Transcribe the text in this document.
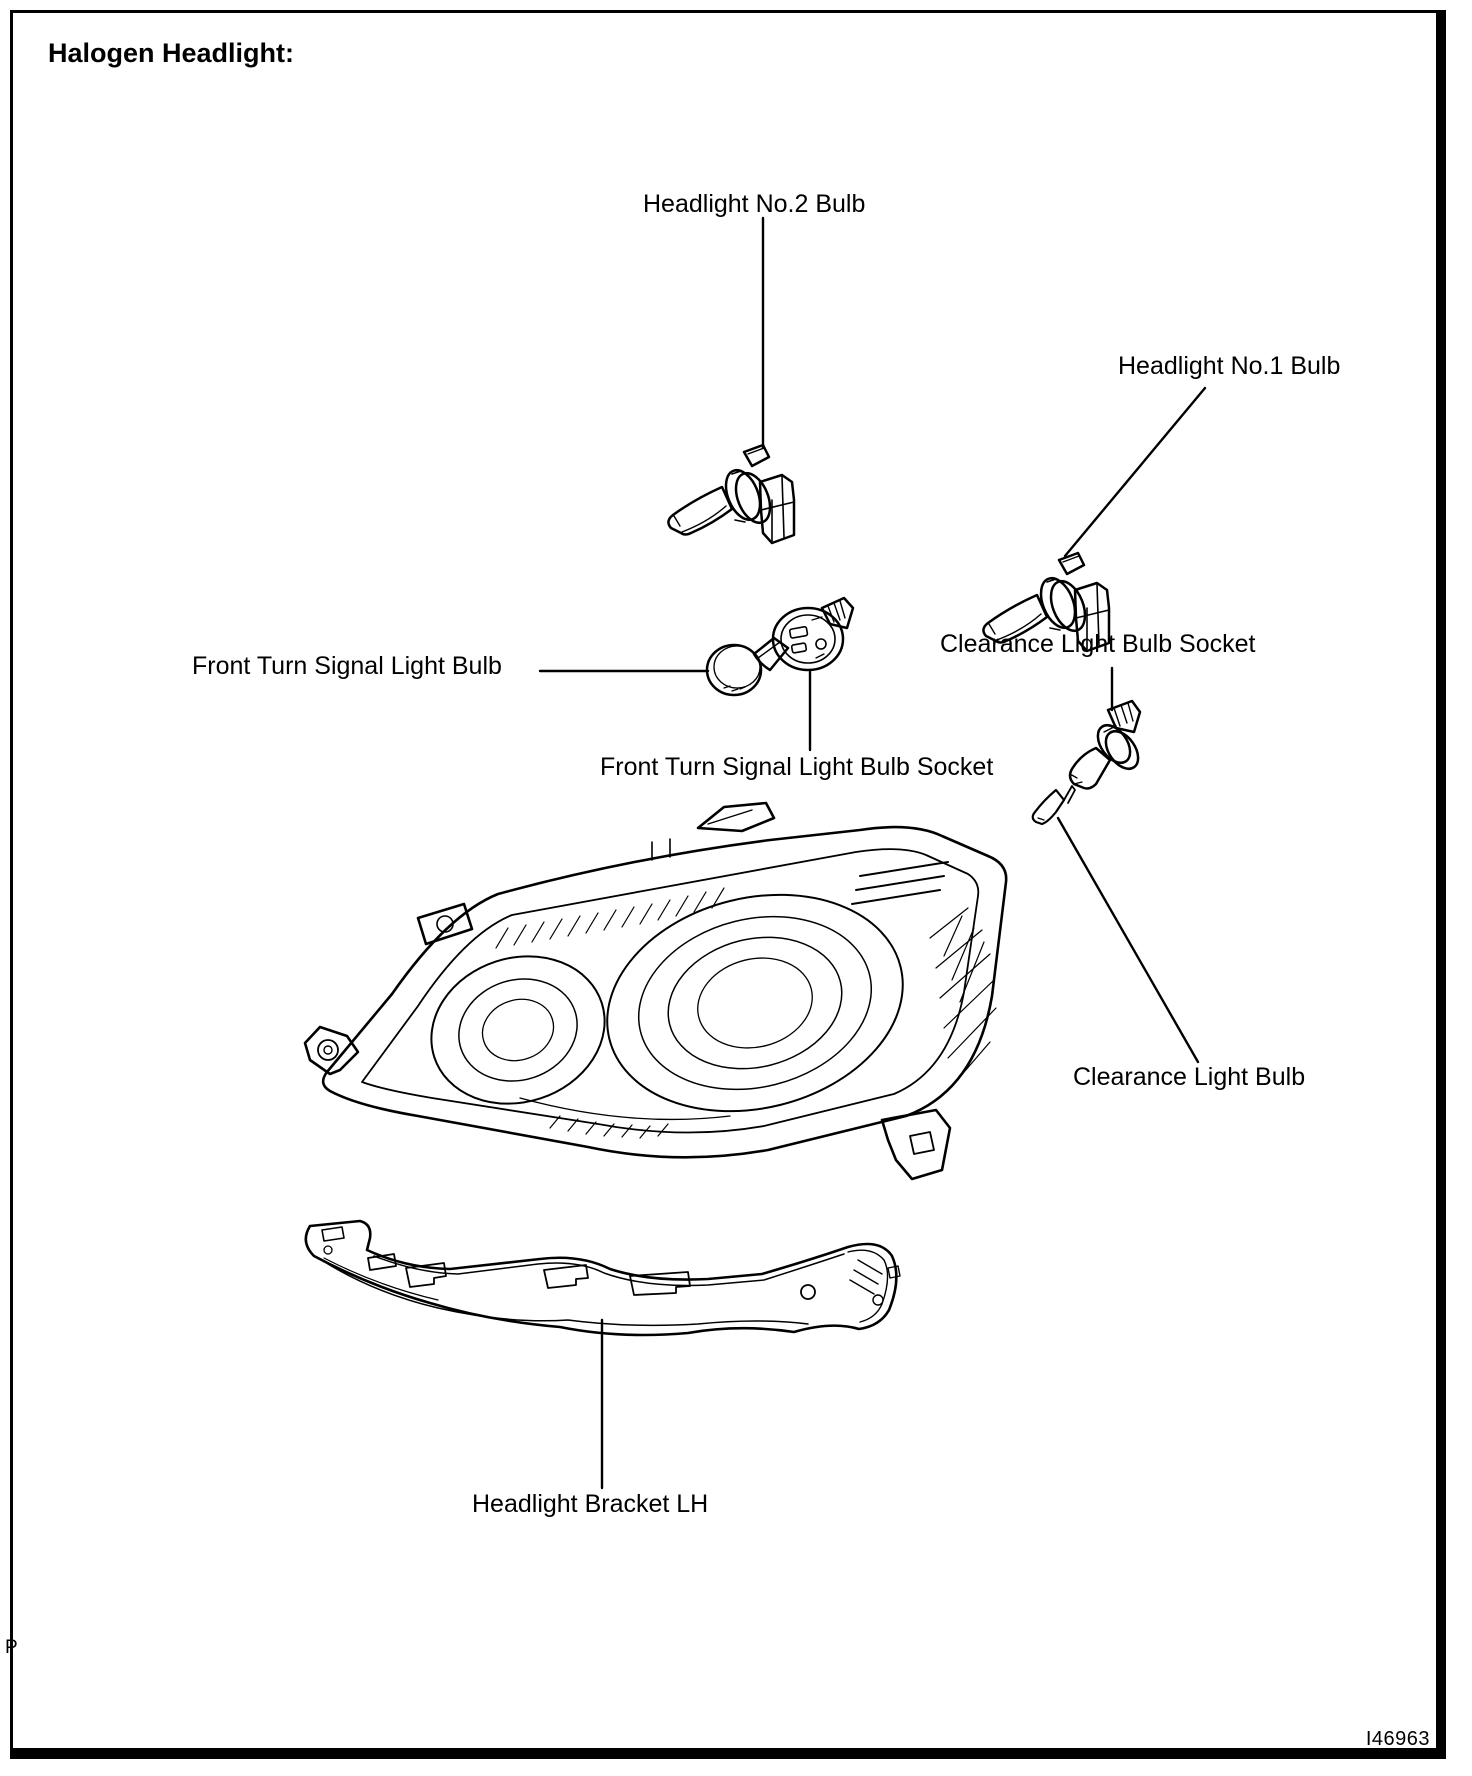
Halogen Headlight:
Headlight No.2 Bulb
Headlight No.1 Bulb
Front Turn Signal Light Bulb
Clearance Light Bulb Socket
Front Turn Signal Light Bulb Socket
Clearance Light Bulb
Headlight Bracket LH
I46963
P
